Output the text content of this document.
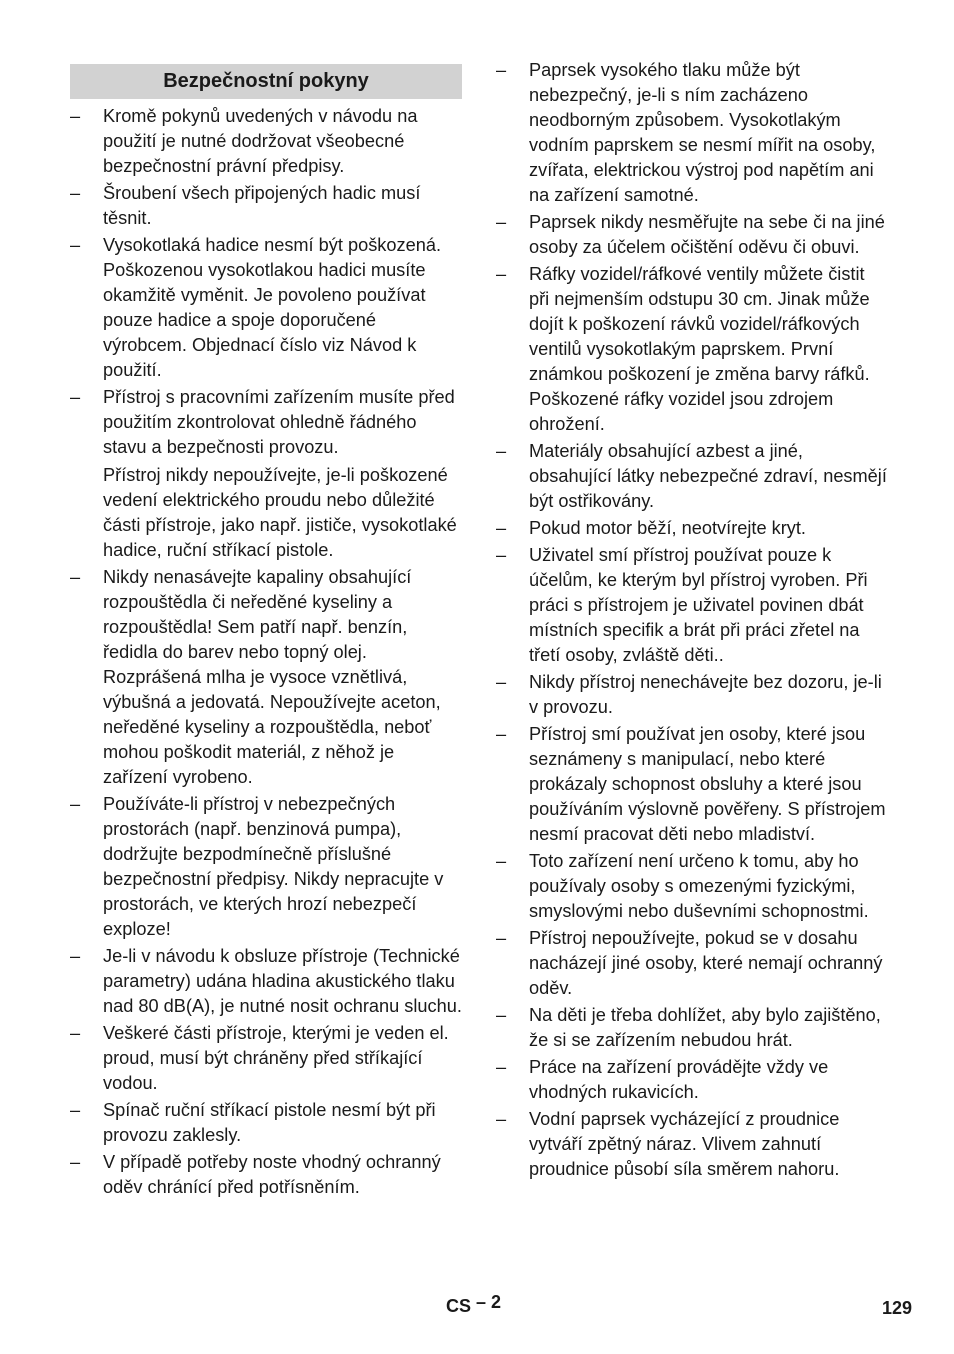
Bezpečnostní pokyny
– Kromě pokynů uvedených v návodu na použití je nutné dodržovat všeobecné bezpečnostní právní předpisy.
– Šroubení všech připojených hadic musí těsnit.
– Vysokotlaká hadice nesmí být poškozená. Poškozenou vysokotlakou hadici musíte okamžitě vyměnit. Je povoleno používat pouze hadice a spoje doporučené výrobcem. Objednací číslo viz Návod k použití.
– Přístroj s pracovními zařízením musíte před použitím zkontrolovat ohledně řádného stavu a bezpečnosti provozu.
Přístroj nikdy nepoužívejte, je-li poškozené vedení elektrického proudu nebo důležité části přístroje, jako např. jističe, vysokotlaké hadice, ruční stříkací pistole.
– Nikdy nenasávejte kapaliny obsahující rozpouštědla či neředěné kyseliny a rozpouštědla! Sem patří např. benzín, ředidla do barev nebo topný olej. Rozprášená mlha je vysoce vznětlivá, výbušná a jedovatá. Nepoužívejte aceton, neředěné kyseliny a rozpouštědla, neboť mohou poškodit materiál, z něhož je zařízení vyrobeno.
– Používáte-li přístroj v nebezpečných prostorách (např. benzinová pumpa), dodržujte bezpodmínečně příslušné bezpečnostní předpisy. Nikdy nepracujte v prostorách, ve kterých hrozí nebezpečí exploze!
– Je-li v návodu k obsluze přístroje (Technické parametry) udána hladina akustického tlaku nad 80 dB(A), je nutné nosit ochranu sluchu.
– Veškeré části přístroje, kterými je veden el. proud, musí být chráněny před stříkající vodou.
– Spínač ruční stříkací pistole nesmí být při provozu zaklesly.
– V případě potřeby noste vhodný ochranný oděv chránící před potřísněním.
– Paprsek vysokého tlaku může být nebezpečný, je-li s ním zacházeno neodborným způsobem. Vysokotlakým vodním paprskem se nesmí mířit na osoby, zvířata, elektrickou výstroj pod napětím ani na zařízení samotné.
– Paprsek nikdy nesměřujte na sebe či na jiné osoby za účelem očištění oděvu či obuvi.
– Ráfky vozidel/ráfkové ventily můžete čistit při nejmenším odstupu 30 cm. Jinak může dojít k poškození rávků vozidel/ráfkových ventilů vysokotlakým paprskem. První známkou poškození je změna barvy ráfků. Poškozené ráfky vozidel jsou zdrojem ohrožení.
– Materiály obsahující azbest a jiné, obsahující látky nebezpečné zdraví, nesmějí být ostřikovány.
– Pokud motor běží, neotvírejte kryt.
– Uživatel smí přístroj používat pouze k účelům, ke kterým byl přístroj vyroben. Při práci s přístrojem je uživatel povinen dbát místních specifik a brát při práci zřetel na třetí osoby, zvláště děti..
– Nikdy přístroj nenechávejte bez dozoru, je-li v provozu.
– Přístroj smí používat jen osoby, které jsou seznámeny s manipulací, nebo které prokázaly schopnost obsluhy a které jsou používáním výslovně pověřeny. S přístrojem nesmí pracovat děti nebo mladiství.
– Toto zařízení není určeno k tomu, aby ho používaly osoby s omezenými fyzickými, smyslovými nebo duševními schopnostmi.
– Přístroj nepoužívejte, pokud se v dosahu nacházejí jiné osoby, které nemají ochranný oděv.
– Na děti je třeba dohlížet, aby bylo zajištěno, že si se zařízením nebudou hrát.
– Práce na zařízení provádějte vždy ve vhodných rukavicích.
– Vodní paprsek vycházející z proudnice vytváří zpětný náraz. Vlivem zahnutí proudnice působí síla směrem nahoru.
CS – 2	129
